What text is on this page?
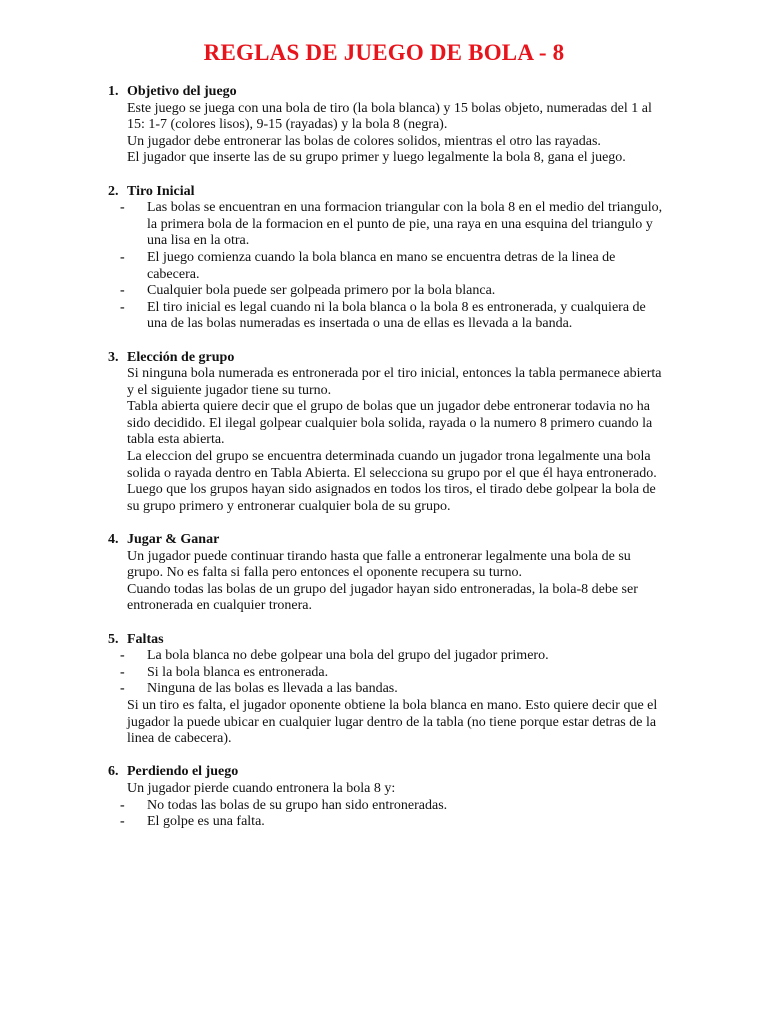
REGLAS DE JUEGO DE BOLA - 8
1. Objetivo del juego
Este juego se juega con una bola de tiro (la bola blanca) y 15 bolas objeto, numeradas del 1 al 15: 1-7 (colores lisos), 9-15 (rayadas) y la bola 8 (negra).
Un jugador debe entronerar las bolas de colores solidos, mientras el otro las rayadas.
El jugador que inserte las de su grupo primer y luego legalmente la bola 8, gana el juego.
2. Tiro Inicial
-	Las bolas se encuentran en una formacion triangular con la bola 8 en el medio del triangulo, la primera bola de la formacion en el punto de pie, una raya en una esquina del triangulo y una lisa en la otra.
-	El juego comienza cuando la bola blanca en mano se encuentra detras de la linea de cabecera.
-	Cualquier bola puede ser golpeada primero por la bola blanca.
-	El tiro inicial es legal cuando ni la bola blanca o la bola 8 es entronerada, y cualquiera de una de las bolas numeradas es insertada o una de ellas es llevada a la banda.
3. Elección de grupo
Si ninguna bola numerada es entronerada por el tiro inicial, entonces la tabla permanece abierta y el siguiente jugador tiene su turno.
Tabla abierta quiere decir que el grupo de bolas que un jugador debe entronerar todavia no ha sido decidido. El ilegal golpear cualquier bola solida, rayada o la numero 8 primero cuando la tabla esta abierta.
La eleccion del grupo se encuentra determinada cuando un jugador trona legalmente una bola solida o rayada dentro en Tabla Abierta. El selecciona su grupo por el que él haya entronerado.
Luego que los grupos hayan sido asignados en todos los tiros, el tirado debe golpear la bola de su grupo primero y entronerar cualquier bola de su grupo.
4. Jugar & Ganar
Un jugador puede continuar tirando hasta que falle a entronerar legalmente una bola de su grupo. No es falta si falla pero entonces el oponente recupera su turno.
Cuando todas las bolas de un grupo del jugador hayan sido entroneradas, la bola-8 debe ser entronerada en cualquier tronera.
5. Faltas
-	La bola blanca no debe golpear una bola del grupo del jugador primero.
-	Si la bola blanca es entronerada.
-	Ninguna de las bolas es llevada a las bandas.
Si un tiro es falta, el jugador oponente obtiene la bola blanca en mano. Esto quiere decir que el jugador la puede ubicar en cualquier lugar dentro de la tabla (no tiene porque estar detras de la linea de cabecera).
6. Perdiendo el juego
Un jugador pierde cuando entronera la bola 8 y:
-	No todas las bolas de su grupo han sido entroneradas.
-	El golpe es una falta.
